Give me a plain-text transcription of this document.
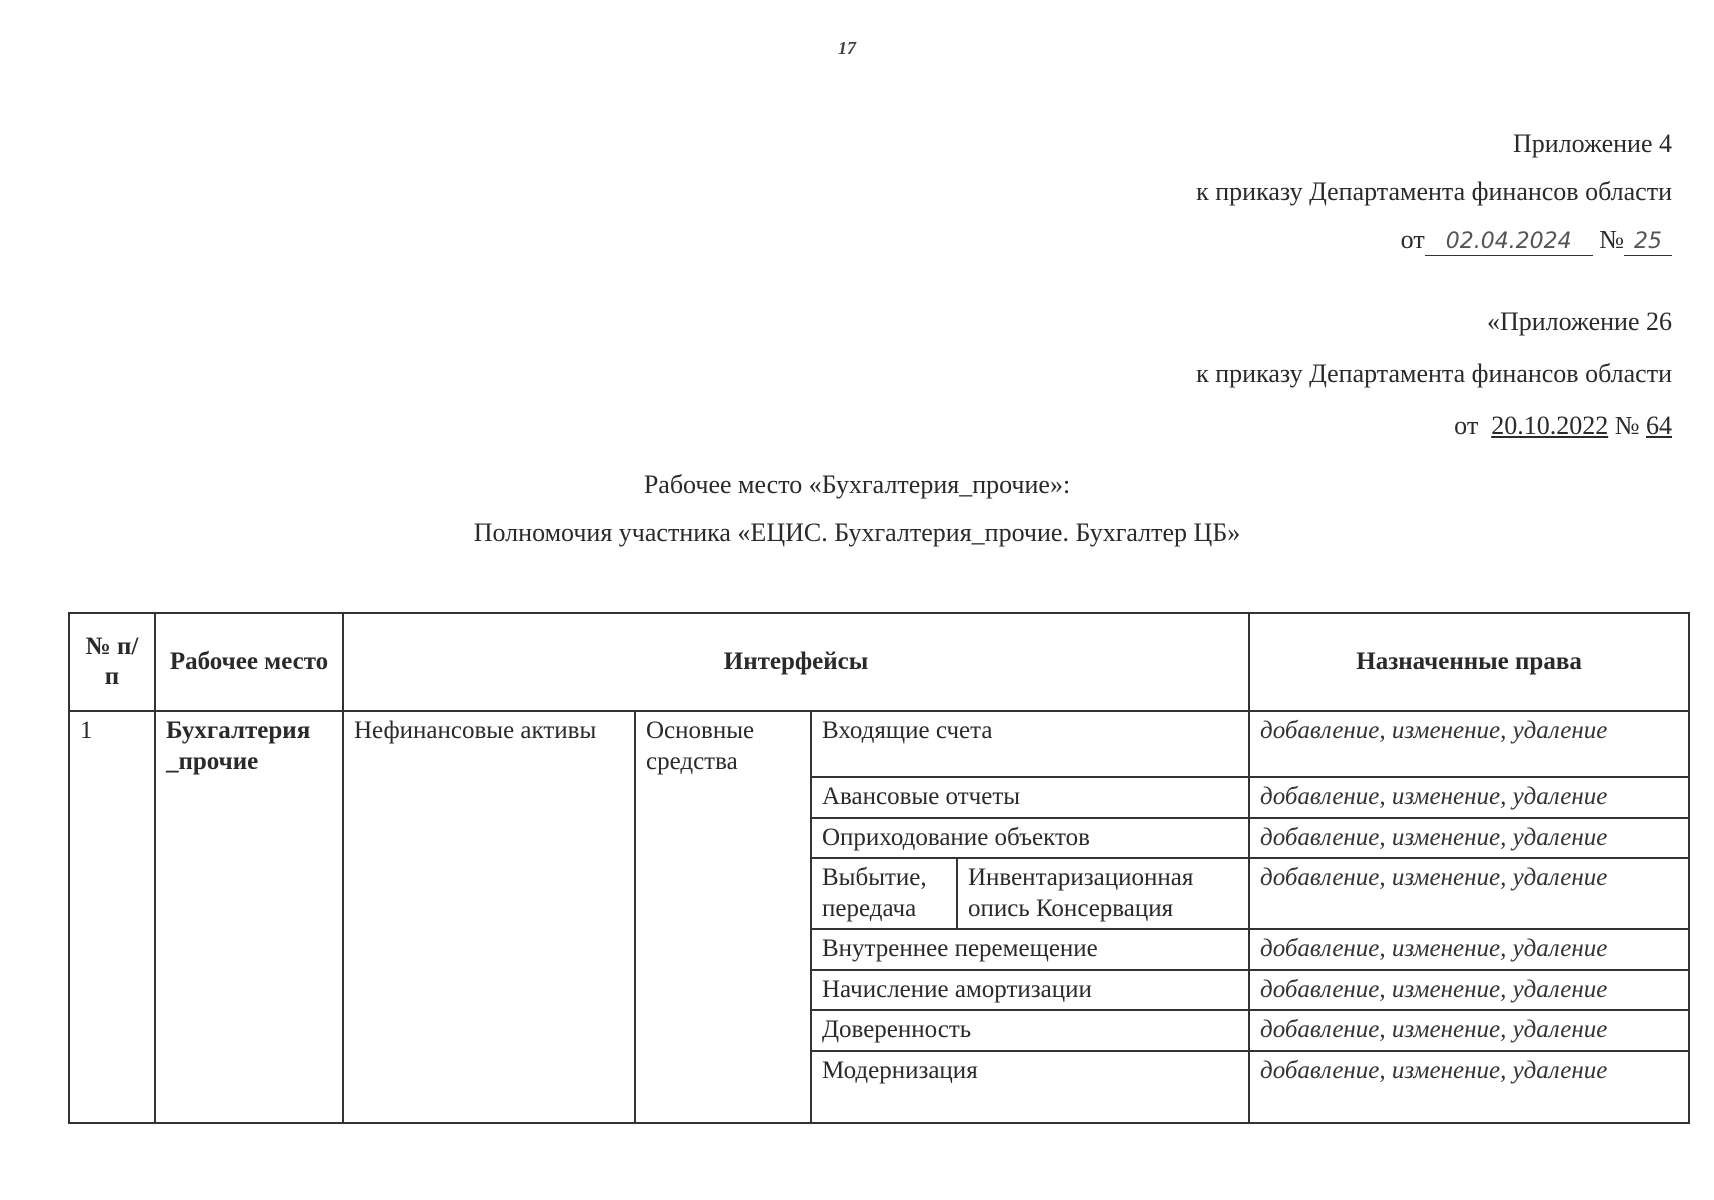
17
Приложение 4
к приказу Департамента финансов области
от 02.04.2024 № 25
«Приложение 26
к приказу Департамента финансов области
от 20.10.2022 № 64
Рабочее место «Бухгалтерия_прочие»:
Полномочия участника «ЕЦИС. Бухгалтерия_прочие. Бухгалтер ЦБ»
№ п/п	Рабочее место	Интерфейсы				Назначенные права
1	Бухгалтерия _прочие	Нефинансовые активы	Основные средства	Входящие счета		добавление, изменение, удаление
				Авансовые отчеты		добавление, изменение, удаление
				Оприходование объектов		добавление, изменение, удаление
				Выбытие, передача	Инвентаризационная опись Консервация	добавление, изменение, удаление
				Внутреннее перемещение		добавление, изменение, удаление
				Начисление амортизации		добавление, изменение, удаление
				Доверенность		добавление, изменение, удаление
				Модернизация		добавление, изменение, удаление
